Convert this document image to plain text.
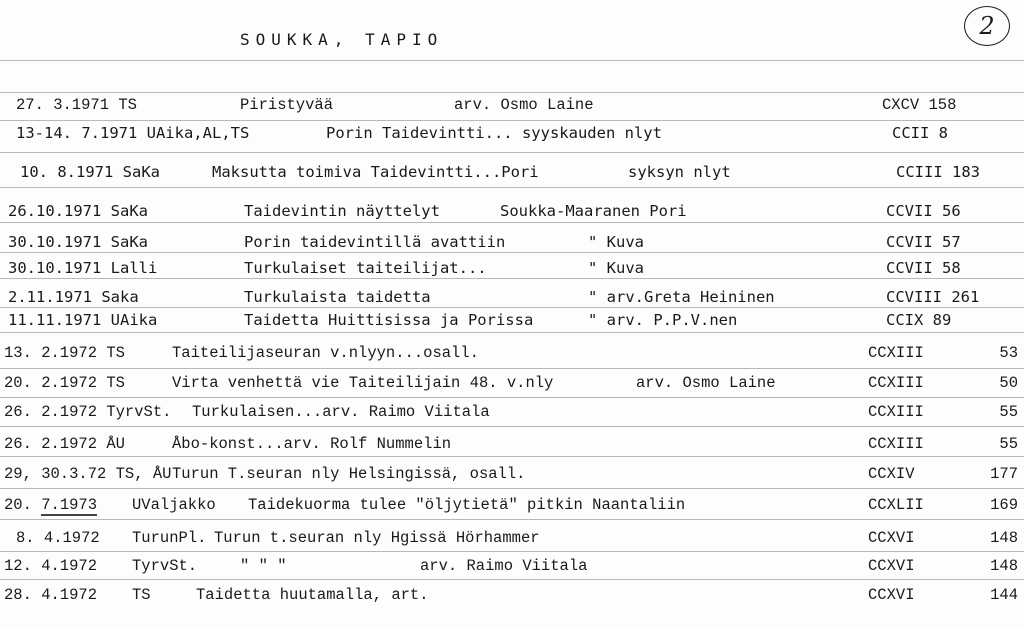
SOUKKA, TAPIO	2
27. 3.1971 TS	Piristyvää	arv. Osmo Laine	CXCV 158
13-14. 7.1971 UAika,AL,TS	Porin Taidevintti... syyskauden nlyt	CCII 8
10. 8.1971 SaKa	Maksutta toimiva Taidevintti...Pori	syksyn nlyt	CCIII 183
26.10.1971 SaKa	Taidevintin näyttelyt	Soukka-Maaranen Pori	CCVII 56
30.10.1971 SaKa	Porin taidevintillä avattiin	" Kuva	CCVII 57
30.10.1971 Lalli	Turkulaiset taiteilijat...	" Kuva	CCVII 58
2.11.1971 Saka	Turkulaista taidetta	" arv.Greta Heininen	CCVIII 261
11.11.1971 UAika	Taidetta Huittisissa ja Porissa	" arv. P.P.V.nen	CCIX 89
13. 2.1972 TS	Taiteilijaseuran v.nlyyn...osall.	CCXIII	53
20. 2.1972 TS	Virta venhettä vie Taiteilijain 48. v.nly	arv. Osmo Laine	CCXIII	50
26. 2.1972 TyrvSt. Turkulaisen...arv. Raimo Viitala	CCXIII	55
26. 2.1972 ÅU	Åbo-konst...arv. Rolf Nummelin	CCXIII	55
29, 30.3.72 TS, ÅU Turun T.seuran nly Helsingissä, osall.	CCXIV	177
20. 7.1973 UValjakko Taidekuorma tulee "öljytietä" pitkin Naantaliin	CCXLII	169
8. 4.1972 TurunPl. Turun t.seuran nly Hgissä Hörhammer	CCXVI	148
12. 4.1972 TyrvSt.	" " "	arv. Raimo Viitala	CCXVI	148
28. 4.1972 TS	Taidetta huutamalla, art.	CCXVI	144
